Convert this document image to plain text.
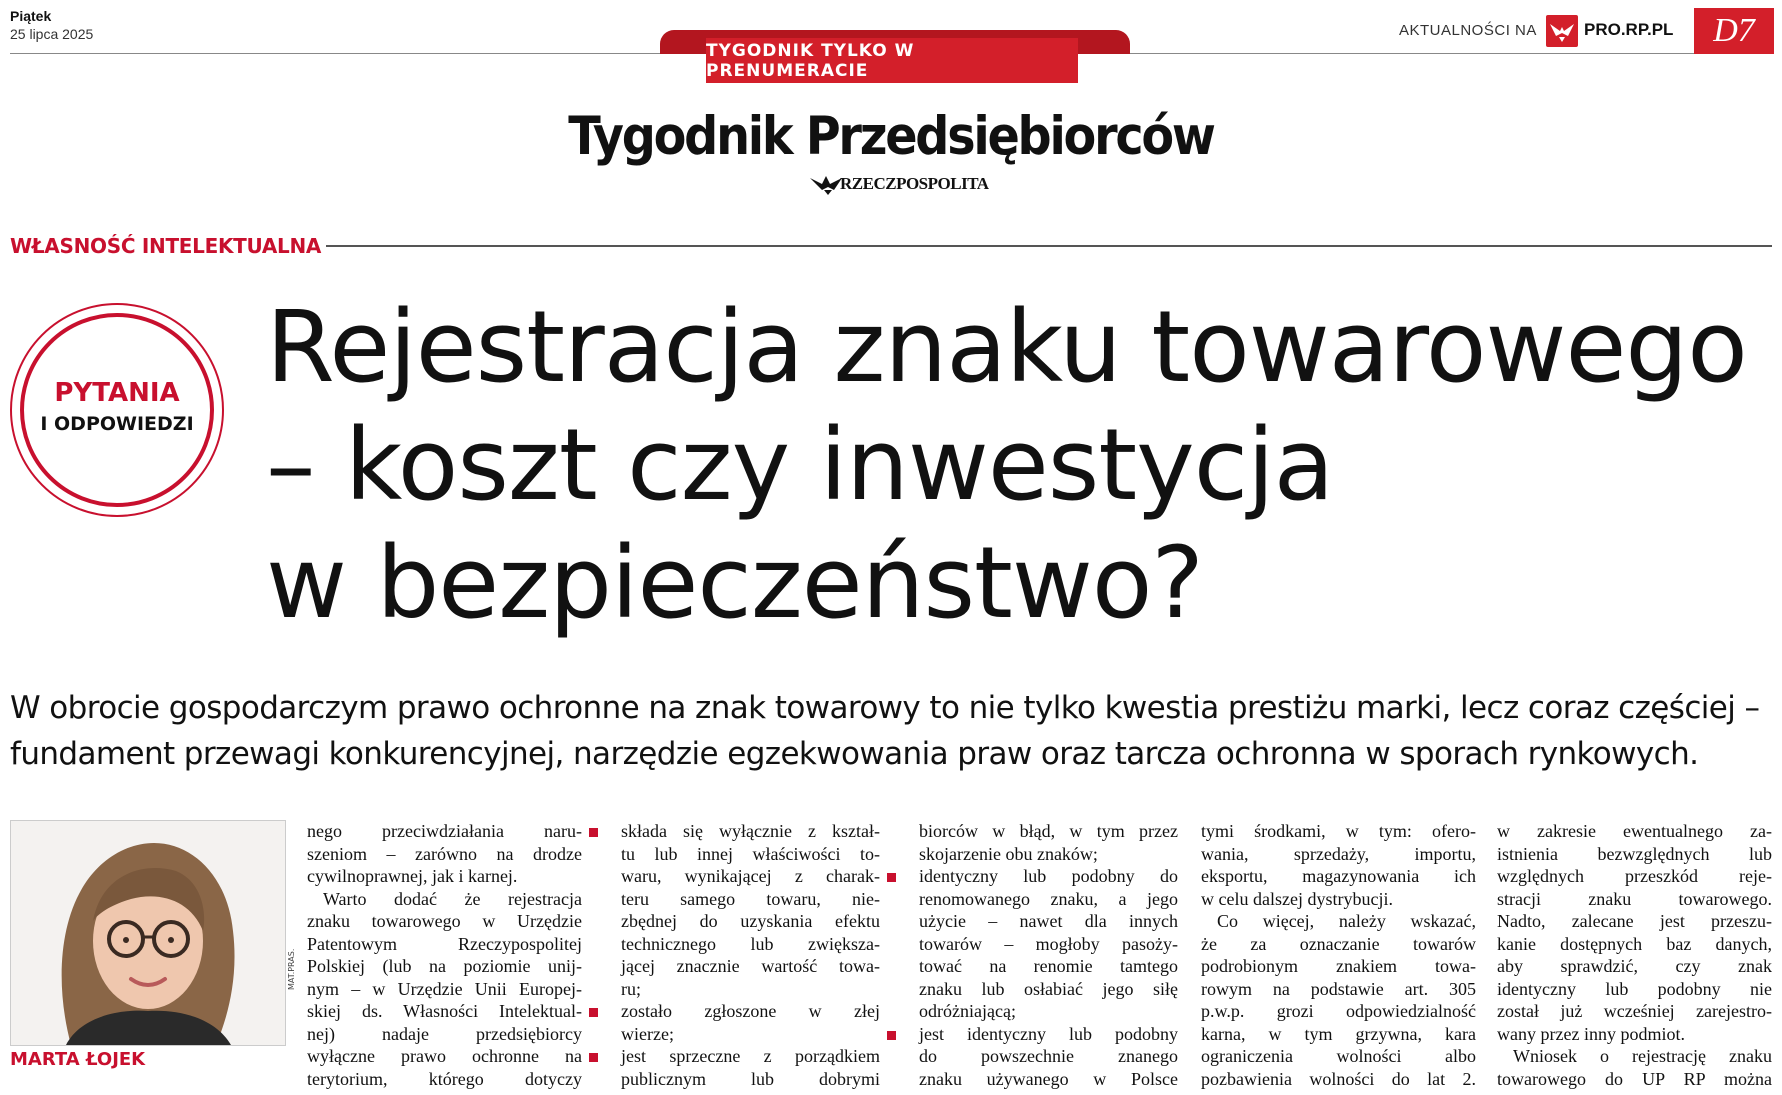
Piątek
25 lipca 2025
TYGODNIK TYLKO W PRENUMERACIE
AKTUALNOŚCI NA	PRO.RP.PL	D7
Tygodnik Przedsiębiorców
RZECZPOSPOLITA
WŁASNOŚĆ INTELEKTUALNA
PYTANIA
I ODPOWIEDZI
Rejestracja znaku towarowego
– koszt czy inwestycja
w bezpieczeństwo?
W obrocie gospodarczym prawo ochronne na znak towarowy to nie tylko kwestia prestiżu marki, lecz coraz częściej –
fundament przewagi konkurencyjnej, narzędzie egzekwowania praw oraz tarcza ochronna w sporach rynkowych.
MAT.PRAS.
MARTA ŁOJEK

nego przeciwdziałania naru-

szeniom – zarówno na drodze

cywilnoprawnej, jak i karnej.

Warto dodać że rejestracja

znaku towarowego w Urzędzie

Patentowym Rzeczypospolitej

Polskiej (lub na poziomie unij-

nym – w Urzędzie Unii Europej-

skiej ds. Własności Intelektual-

nej) nadaje przedsiębiorcy

wyłączne prawo ochronne na

terytorium, którego dotyczy

składa się wyłącznie z kształ-

tu lub innej właściwości to-

waru, wynikającej z charak-

teru samego towaru, nie-

zbędnej do uzyskania efektu

technicznego lub zwiększa-

jącej znacznie wartość towa-

ru;

zostało zgłoszone w złej

wierze;

jest sprzeczne z porządkiem

publicznym lub dobrymi

biorców w błąd, w tym przez

skojarzenie obu znaków;

identyczny lub podobny do

renomowanego znaku, a jego

użycie – nawet dla innych

towarów – mogłoby pasoży-

tować na renomie tamtego

znaku lub osłabiać jego siłę

odróżniającą;

jest identyczny lub podobny

do powszechnie znanego

znaku używanego w Polsce

tymi środkami, w tym: ofero-

wania, sprzedaży, importu,

eksportu, magazynowania ich

w celu dalszej dystrybucji.

Co więcej, należy wskazać,

że za oznaczanie towarów

podrobionym znakiem towa-

rowym na podstawie art. 305

p.w.p. grozi odpowiedzialność

karna, w tym grzywna, kara

ograniczenia wolności albo

pozbawienia wolności do lat 2.

w zakresie ewentualnego za-

istnienia bezwzględnych lub

względnych przeszkód reje-

stracji znaku towarowego.

Nadto, zalecane jest przeszu-

kanie dostępnych baz danych,

aby sprawdzić, czy znak

identyczny lub podobny nie

został już wcześniej zarejestro-

wany przez inny podmiot.

Wniosek o rejestrację znaku

towarowego do UP RP można
